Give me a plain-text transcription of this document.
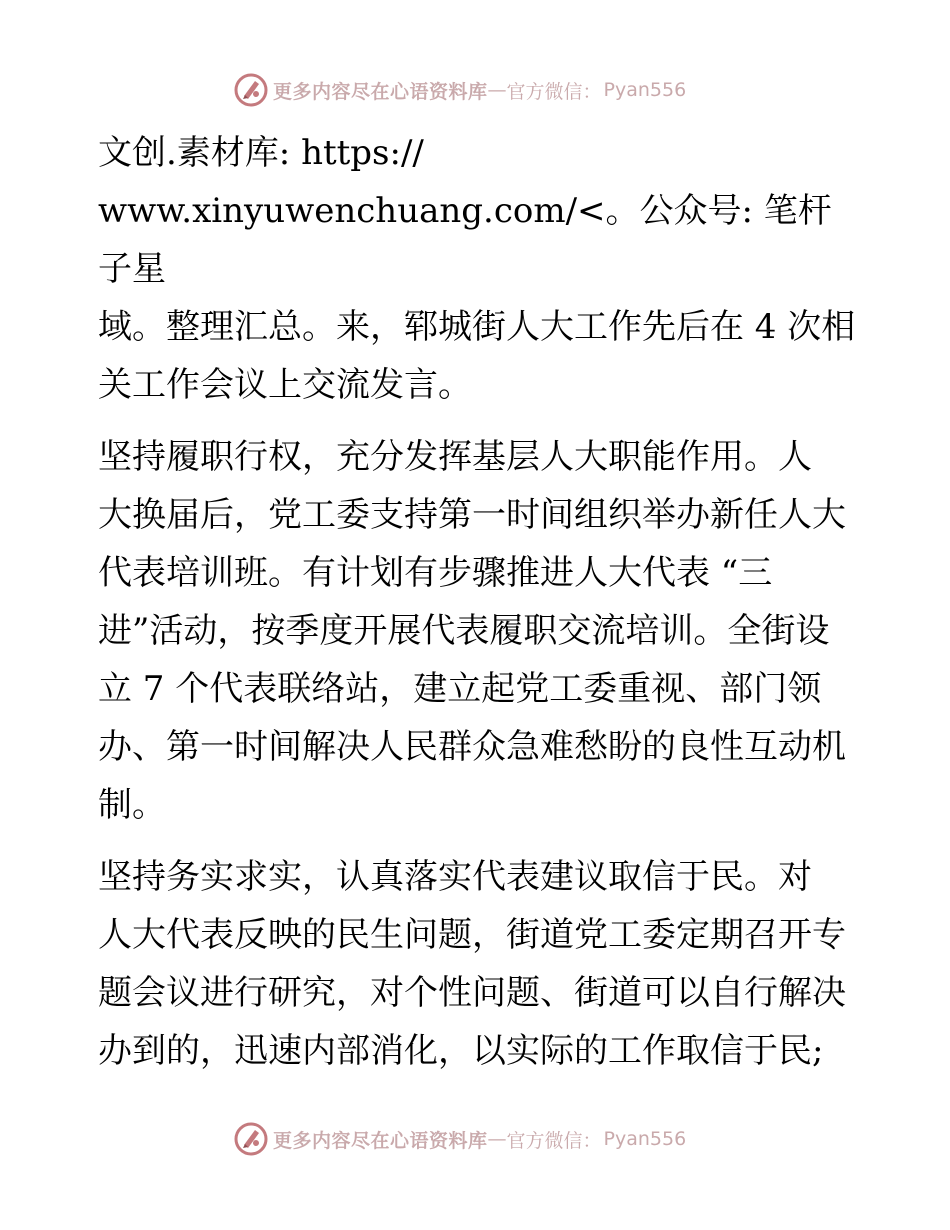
更多内容尽在心语资料库 — 官方微信： Pyan556

文创.素材库: https://
www.xinyuwenchuang.com/<。公众号: 笔杆子星
域。整理汇总。来，郓城街人大工作先后在 4 次相
关工作会议上交流发言。

坚持履职行权，充分发挥基层人大职能作用。人
大换届后，党工委支持第一时间组织举办新任人大
代表培训班。有计划有步骤推进人大代表 “三
进”活动，按季度开展代表履职交流培训。全街设
立 7 个代表联络站，建立起党工委重视、部门领
办、第一时间解决人民群众急难愁盼的良性互动机
制。

坚持务实求实，认真落实代表建议取信于民。对
人大代表反映的民生问题，街道党工委定期召开专
题会议进行研究，对个性问题、街道可以自行解决
办到的，迅速内部消化，以实际的工作取信于民;

更多内容尽在心语资料库 — 官方微信： Pyan556
